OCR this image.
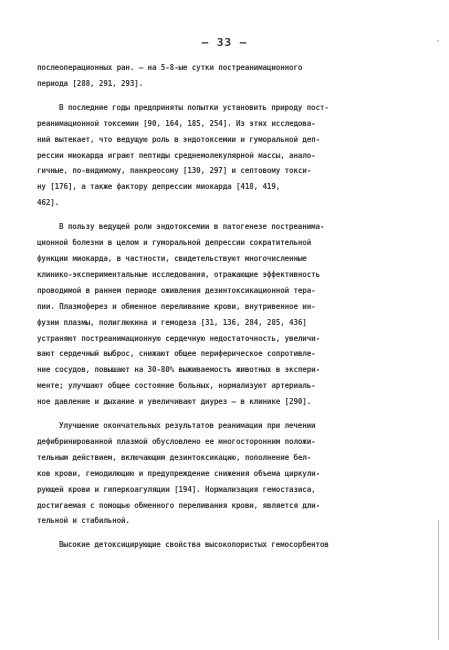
– 33 –
послеоперационных ран. – на 5-8-ые сутки постреанимационного
периода [288, 291, 293].
В последние годы предприняты попытки установить природу пост-
реанимационной токсемии [90, 164, 185, 254]. Из этих исследова-
ний вытекает, что ведущую роль в эндотоксемии и гуморальной деп-
рессии миокарда играют пептиды среднемолекулярной массы, анало-
гичные, по-видимому, панкреосому [130, 297] и септовому токси-
ну [176], а также фактору депрессии миокарда [418, 419,
462].
В пользу ведущей роли эндотоксемии в патогенезе постреанима-
ционной болезни в целом и гуморальной депрессии сократительной
функции миокарда, в частности, свидетельствуют многочисленные
клинико-экспериментальные исследования, отражающие эффективность
проводимой в раннем периоде оживления дезинтоксикационной тера-
пии. Плазмоферез и обменное переливание крови, внутривенное ин-
фузии плазмы, полиглюкина и гемодеза [31, 136, 284, 285, 436]
устраняют постреанимационную сердечную недостаточность, увеличи-
вают сердечный выброс, снижают общее периферическое сопротивле-
ние сосудов, повышают на 30-80% выживаемость животных в экспери-
менте; улучшают общее состояние больных, нормализуют артериаль-
ное давление и дыхание и увеличивают диурез – в клинике [290].
Улучшение окончательных результатов реанимации при лечении
дефибринированной плазмой обусловлено ее многосторонним положи-
тельным действием, включающим дезинтоксикацию, пополнение бел-
ков крови, гемодилюцию и предупреждение снижения объема циркули-
рующей крови и гиперкоагуляции [194]. Нормализация гемостазиса,
достигаемая с помощью обменного переливания крови, является дли-
тельной и стабильной.
Высокие детоксицирующие свойства высокопористых гемосорбентов
